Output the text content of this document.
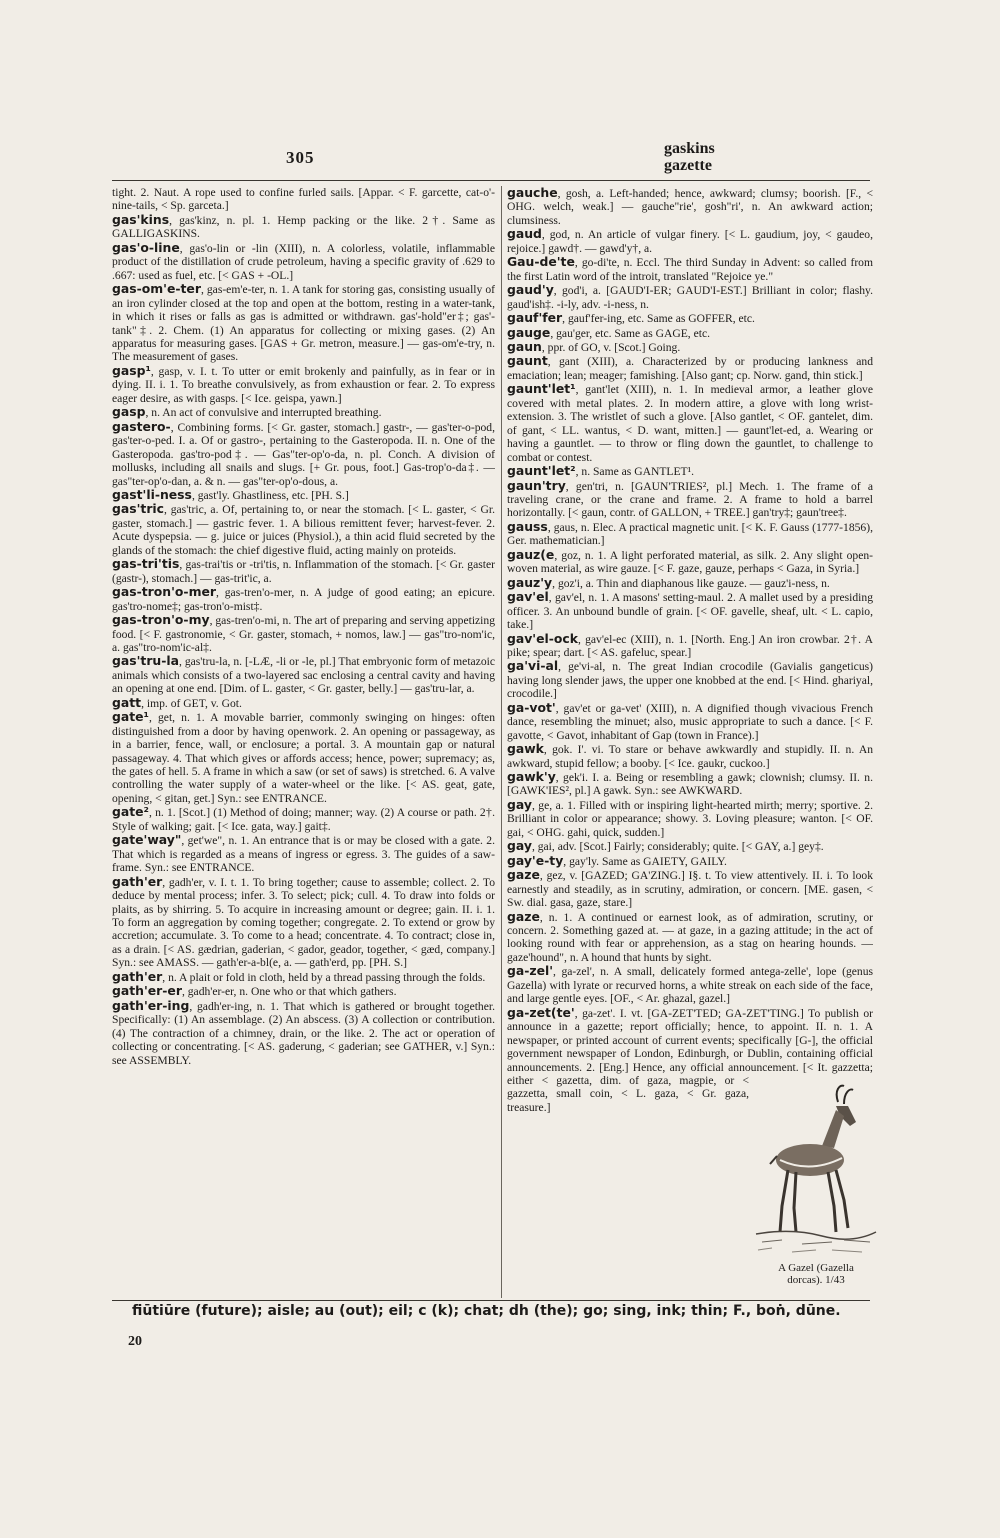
305	gaskins
gazette

tight. 2. Naut. A rope used to confine furled sails. [Appar. < F. garcette, cat-o'-nine-tails, < Sp. garceta.]

gas'kins, gas'kinz, n. pl. 1. Hemp packing or the like. 2†. Same as GALLIGASKINS.

gas'o-line, gas'o-lin or -lin (XIII), n. A colorless, volatile, inflammable product of the distillation of crude petroleum, having a specific gravity of .629 to .667: used as fuel, etc. [< GAS + -OL.]

gas-om'e-ter, gas-em'e-ter, n. 1. A tank for storing gas, consisting usually of an iron cylinder closed at the top and open at the bottom, resting in a water-tank, in which it rises or falls as gas is admitted or withdrawn. gas'-hold"er‡; gas'-tank"‡. 2. Chem. (1) An apparatus for collecting or mixing gases. (2) An apparatus for measuring gases. [GAS + Gr. metron, measure.] — gas-om'e-try, n. The measurement of gases.

gasp¹, gasp, v. I. t. To utter or emit brokenly and painfully, as in fear or in dying. II. i. 1. To breathe convulsively, as from exhaustion or fear. 2. To express eager desire, as with gasps. [< Ice. geispa, yawn.]

gasp, n. An act of convulsive and interrupted breathing.

gastero-, Combining forms. [< Gr. gaster, stomach.] gastr-, — gas'ter-o-pod, gas'ter-o-ped. I. a. Of or gastro-, pertaining to the Gasteropoda. II. n. One of the Gasteropoda. gas'tro-pod‡. — Gas"ter-op'o-da, n. pl. Conch. A division of mollusks, including all snails and slugs. [+ Gr. pous, foot.] Gas-trop'o-da‡. — gas"ter-op'o-dan, a. & n. — gas"ter-op'o-dous, a.

gast'li-ness, gast'ly. Ghastliness, etc. [PH. S.]

gas'tric, gas'tric, a. Of, pertaining to, or near the stomach. [< L. gaster, < Gr. gaster, stomach.] — gastric fever. 1. A bilious remittent fever; harvest-fever. 2. Acute dyspepsia. — g. juice or juices (Physiol.), a thin acid fluid secreted by the glands of the stomach: the chief digestive fluid, acting mainly on proteids.

gas-tri'tis, gas-trai'tis or -tri'tis, n. Inflammation of the stomach. [< Gr. gaster (gastr-), stomach.] — gas-trit'ic, a.

gas-tron'o-mer, gas-tren'o-mer, n. A judge of good eating; an epicure. gas'tro-nome‡; gas-tron'o-mist‡.

gas-tron'o-my, gas-tren'o-mi, n. The art of preparing and serving appetizing food. [< F. gastronomie, < Gr. gaster, stomach, + nomos, law.] — gas"tro-nom'ic, a. gas"tro-nom'ic-al‡.

gas'tru-la, gas'tru-la, n. [-LÆ, -li or -le, pl.] That embryonic form of metazoic animals which consists of a two-layered sac enclosing a central cavity and having an opening at one end. [Dim. of L. gaster, < Gr. gaster, belly.] — gas'tru-lar, a.

gatt, imp. of GET, v. Got.

gate¹, get, n. 1. A movable barrier, commonly swinging on hinges: often distinguished from a door by having openwork. 2. An opening or passageway, as in a barrier, fence, wall, or enclosure; a portal. 3. A mountain gap or natural passageway. 4. That which gives or affords access; hence, power; supremacy; as, the gates of hell. 5. A frame in which a saw (or set of saws) is stretched. 6. A valve controlling the water supply of a water-wheel or the like. [< AS. geat, gate, opening, < gitan, get.] Syn.: see ENTRANCE.

gate², n. 1. [Scot.] (1) Method of doing; manner; way. (2) A course or path. 2†. Style of walking; gait. [< Ice. gata, way.] gait‡.

gate'way", get'we", n. 1. An entrance that is or may be closed with a gate. 2. That which is regarded as a means of ingress or egress. 3. The guides of a saw-frame. Syn.: see ENTRANCE.

gath'er, gadh'er, v. I. t. 1. To bring together; cause to assemble; collect. 2. To deduce by mental process; infer. 3. To select; pick; cull. 4. To draw into folds or plaits, as by shirring. 5. To acquire in increasing amount or degree; gain. II. i. 1. To form an aggregation by coming together; congregate. 2. To extend or grow by accretion; accumulate. 3. To come to a head; concentrate. 4. To contract; close in, as a drain. [< AS. gædrian, gaderian, < gador, geador, together, < gæd, company.] Syn.: see AMASS. — gath'er-a-bl(e, a. — gath'erd, pp. [PH. S.]

gath'er, n. A plait or fold in cloth, held by a thread passing through the folds.

gath'er-er, gadh'er-er, n. One who or that which gathers.

gath'er-ing, gadh'er-ing, n. 1. That which is gathered or brought together. Specifically: (1) An assemblage. (2) An abscess. (3) A collection or contribution. (4) The contraction of a chimney, drain, or the like. 2. The act or operation of collecting or concentrating. [< AS. gaderung, < gaderian; see GATHER, v.] Syn.: see ASSEMBLY.

gauche, gosh, a. Left-handed; hence, awkward; clumsy; boorish. [F., < OHG. welch, weak.] — gauche"rie', gosh"ri', n. An awkward action; clumsiness.

gaud, god, n. An article of vulgar finery. [< L. gaudium, joy, < gaudeo, rejoice.] gawd†. — gawd'y†, a.

Gau-de'te, go-di'te, n. Eccl. The third Sunday in Advent: so called from the first Latin word of the introit, translated "Rejoice ye."

gaud'y, god'i, a. [GAUD'I-ER; GAUD'I-EST.] Brilliant in color; flashy. gaud'ish‡. -i-ly, adv. -i-ness, n.

gauf'fer, gauf'fer-ing, etc. Same as GOFFER, etc.

gauge, gau'ger, etc. Same as GAGE, etc.

gaun, ppr. of GO, v. [Scot.] Going.

gaunt, gant (XIII), a. Characterized by or producing lankness and emaciation; lean; meager; famishing. [Also gant; cp. Norw. gand, thin stick.]

gaunt'let¹, gant'let (XIII), n. 1. In medieval armor, a leather glove covered with metal plates. 2. In modern attire, a glove with long wrist-extension. 3. The wristlet of such a glove. [Also gantlet, < OF. gantelet, dim. of gant, < LL. wantus, < D. want, mitten.] — gaunt'let-ed, a. Wearing or having a gauntlet. — to throw or fling down the gauntlet, to challenge to combat or contest.

gaunt'let², n. Same as GANTLET¹.

gaun'try, gen'tri, n. [GAUN'TRIES², pl.] Mech. 1. The frame of a traveling crane, or the crane and frame. 2. A frame to hold a barrel horizontally. [< gaun, contr. of GALLON, + TREE.] gan'try‡; gaun'tree‡.

gauss, gaus, n. Elec. A practical magnetic unit. [< K. F. Gauss (1777-1856), Ger. mathematician.]

gauz(e, goz, n. 1. A light perforated material, as silk. 2. Any slight open-woven material, as wire gauze. [< F. gaze, gauze, perhaps < Gaza, in Syria.]

gauz'y, goz'i, a. Thin and diaphanous like gauze. — gauz'i-ness, n.

gav'el, gav'el, n. 1. A masons' setting-maul. 2. A mallet used by a presiding officer. 3. An unbound bundle of grain. [< OF. gavelle, sheaf, ult. < L. capio, take.]

gav'el-ock, gav'el-ec (XIII), n. 1. [North. Eng.] An iron crowbar. 2†. A pike; spear; dart. [< AS. gafeluc, spear.]

ga'vi-al, ge'vi-al, n. The great Indian crocodile (Gavialis gangeticus) having long slender jaws, the upper one knobbed at the end. [< Hind. ghariyal, crocodile.]

ga-vot', gav'et or ga-vet' (XIII), n. A dignified though vivacious French dance, resembling the minuet; also, music appropriate to such a dance. [< F. gavotte, < Gavot, inhabitant of Gap (town in France).]

gawk, gok. I'. vi. To stare or behave awkwardly and stupidly. II. n. An awkward, stupid fellow; a booby. [< Ice. gaukr, cuckoo.]

gawk'y, gek'i. I. a. Being or resembling a gawk; clownish; clumsy. II. n. [GAWK'IES², pl.] A gawk. Syn.: see AWKWARD.

gay, ge, a. 1. Filled with or inspiring light-hearted mirth; merry; sportive. 2. Brilliant in color or appearance; showy. 3. Loving pleasure; wanton. [< OF. gai, < OHG. gahi, quick, sudden.]

gay, gai, adv. [Scot.] Fairly; considerably; quite. [< GAY, a.] gey‡.

gay'e-ty, gay'ly. Same as GAIETY, GAILY.

gaze, gez, v. [GAZED; GA'ZING.] I§. t. To view attentively. II. i. To look earnestly and steadily, as in scrutiny, admiration, or concern. [ME. gasen, < Sw. dial. gasa, gaze, stare.]

gaze, n. 1. A continued or earnest look, as of admiration, scrutiny, or concern. 2. Something gazed at. — at gaze, in a gazing attitude; in the act of looking round with fear or apprehension, as a stag on hearing hounds. — gaze'hound", n. A hound that hunts by sight.

ga-zel', ga-zel', n. A small, delicately formed antega-zelle', lope (genus Gazella) with lyrate or recurved horns, a white streak on each side of the face, and large gentle eyes. [OF., < Ar. ghazal, gazel.]

ga-zet(te', ga-zet'. I. vt. [GA-ZET'TED; GA-ZET'TING.] To publish or announce in a gazette; report officially; hence, to appoint. II. n. 1. A newspaper, or printed account of current events; specifically [G-], the official government newspaper of London, Edinburgh, or Dublin, containing official announcements. 2. [Eng.] Hence, any official announcement. [< It. gazzetta; either < gazetta, dim. of gaza, magpie, or < gazzetta, small coin, < L. gaza, < Gr. gaza, treasure.]

A Gazel (Gazella
dorcas). 1/43
fiūtiūre (future); aisle; au (out); eil; c (k); chat; dh (the); go; sing, ink; thin; F., boṅ, dūne.
20
